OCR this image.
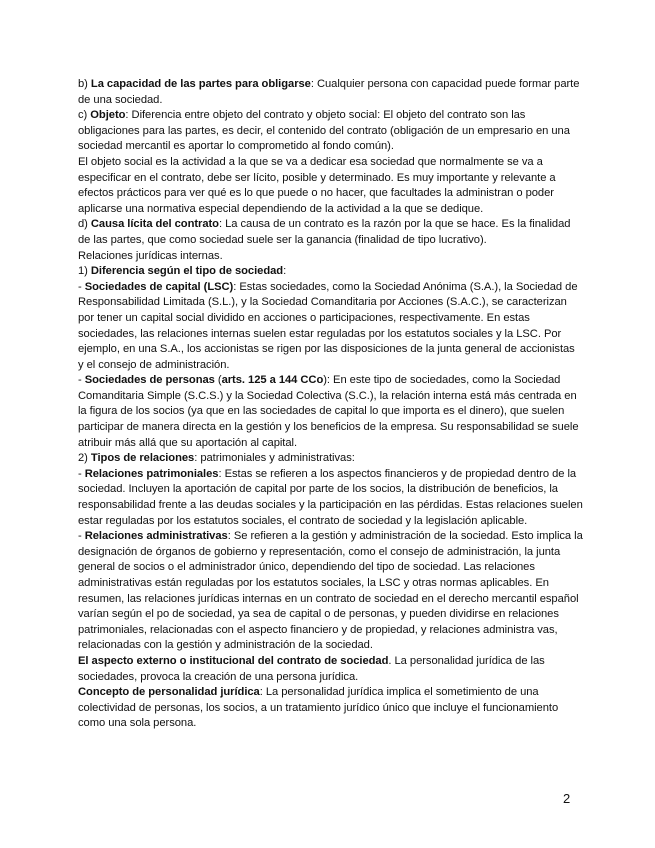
b) La capacidad de las partes para obligarse: Cualquier persona con capacidad puede formar parte de una sociedad.

c) Objeto: Diferencia entre objeto del contrato y objeto social: El objeto del contrato son las obligaciones para las partes, es decir, el contenido del contrato (obligación de un empresario en una sociedad mercantil es aportar lo comprometido al fondo común).

El objeto social es la actividad a la que se va a dedicar esa sociedad que normalmente se va a especificar en el contrato, debe ser lícito, posible y determinado. Es muy importante y relevante a efectos prácticos para ver qué es lo que puede o no hacer, que facultades la administran o poder aplicarse una normativa especial dependiendo de la actividad a la que se dedique.

d) Causa lícita del contrato: La causa de un contrato es la razón por la que se hace. Es la finalidad de las partes, que como sociedad suele ser la ganancia (finalidad de tipo lucrativo).

Relaciones jurídicas internas.

1) Diferencia según el tipo de sociedad:

- Sociedades de capital (LSC): Estas sociedades, como la Sociedad Anónima (S.A.), la Sociedad de Responsabilidad Limitada (S.L.), y la Sociedad Comanditaria por Acciones (S.A.C.), se caracterizan por tener un capital social dividido en acciones o participaciones, respectivamente. En estas sociedades, las relaciones internas suelen estar reguladas por los estatutos sociales y la LSC. Por ejemplo, en una S.A., los accionistas se rigen por las disposiciones de la junta general de accionistas y el consejo de administración.

- Sociedades de personas (arts. 125 a 144 CCo): En este tipo de sociedades, como la Sociedad Comanditaria Simple (S.C.S.) y la Sociedad Colectiva (S.C.), la relación interna está más centrada en la figura de los socios (ya que en las sociedades de capital lo que importa es el dinero), que suelen participar de manera directa en la gestión y los beneficios de la empresa. Su responsabilidad se suele atribuir más allá que su aportación al capital.

2) Tipos de relaciones: patrimoniales y administrativas:

- Relaciones patrimoniales: Estas se refieren a los aspectos financieros y de propiedad dentro de la sociedad. Incluyen la aportación de capital por parte de los socios, la distribución de beneficios, la responsabilidad frente a las deudas sociales y la participación en las pérdidas. Estas relaciones suelen estar reguladas por los estatutos sociales, el contrato de sociedad y la legislación aplicable.

- Relaciones administrativas: Se refieren a la gestión y administración de la sociedad. Esto implica la designación de órganos de gobierno y representación, como el consejo de administración, la junta general de socios o el administrador único, dependiendo del tipo de sociedad. Las relaciones administrativas están reguladas por los estatutos sociales, la LSC y otras normas aplicables. En resumen, las relaciones jurídicas internas en un contrato de sociedad en el derecho mercantil español varían según el po de sociedad, ya sea de capital o de personas, y pueden dividirse en relaciones patrimoniales, relacionadas con el aspecto financiero y de propiedad, y relaciones administra vas, relacionadas con la gestión y administración de la sociedad.

El aspecto externo o institucional del contrato de sociedad. La personalidad jurídica de las sociedades, provoca la creación de una persona jurídica.

Concepto de personalidad jurídica: La personalidad jurídica implica el sometimiento de una colectividad de personas, los socios, a un tratamiento jurídico único que incluye el funcionamiento como una sola persona.

2
